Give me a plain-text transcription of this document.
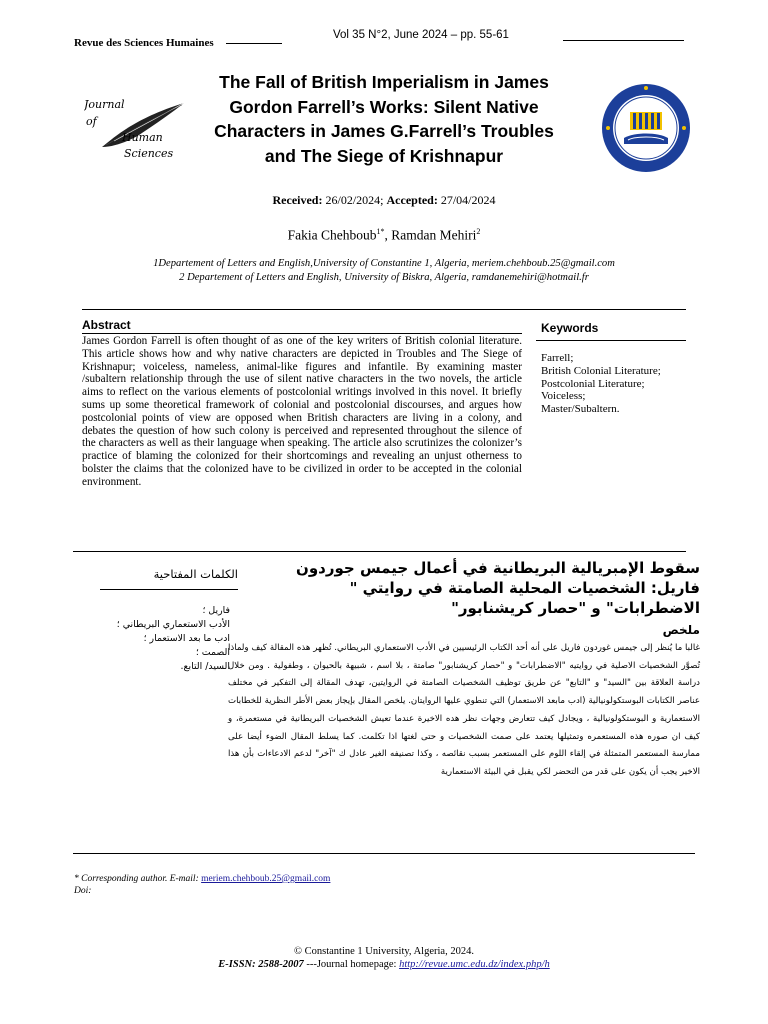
Revue des Sciences Humaines
Vol 35 N°2, June 2024 – pp. 55-61
Journal
of
Human
Sciences
The Fall of British Imperialism in James Gordon Farrell’s Works: Silent Native Characters in James G.Farrell’s Troubles and The Siege of Krishnapur
Received: 26/02/2024; Accepted: 27/04/2024
Fakia Chehboub$^{1*}$, Ramdan Mehiri$^2$
1Departement of Letters and English,University of Constantine 1, Algeria, meriem.chehboub.25@gmail.com
2 Departement of Letters and English, University of Biskra, Algeria, ramdanemehiri@hotmail.fr
Abstract
James Gordon Farrell is often thought of as one of the key writers of British colonial literature. This article shows how and why native characters are depicted in Troubles and The Siege of Krishnapur; voiceless, nameless, animal-like figures and infantile. By examining master /subaltern relationship through the use of silent native characters in the two novels, the article aims to reflect on the various elements of postcolonial writings involved in this novel. It briefly sums up some theoretical framework of colonial and postcolonial discourses, and argues how postcolonial points of view are opposed when British characters are living in a colony, and debates the question of how such colony is perceived and represented throughout the silence of the characters as well as their language when speaking. The article also scrutinizes the colonizer’s practice of blaming the colonized for their shortcomings and revealing an unjust otherness to bolster the claims that the colonized have to be civilized in order to be accepted in the colonial environment.
Keywords
Farrell;
British Colonial Literature;
Postcolonial Literature;
Voiceless;
Master/Subaltern.
الكلمات المفتاحية
فاريل ؛
الأدب الاستعماري البريطاني ؛
ادب ما بعد الاستعمار ؛
الصمت ؛
السيد/ التابع.
سقوط الإمبريالية البريطانية في أعمال جيمس جوردون فاريل: الشخصيات المحلية الصامتة في روايتي " الاضطرابات" و "حصار كريشنابور"
ملخص
غالبا ما يُنظر إلى جيمس غوردون فاريل على أنه أحد الكتاب الرئيسيين في الأدب الاستعماري البريطاني. تُظهر هذه المقالة كيف ولماذا تُصوَّر الشخصيات الاصلية في روايتيه "الاضطرابات" و "حصار كريشنابور" صامتة ، بلا اسم ، شبيهة بالحيوان ، وطفولية . ومن خلال دراسة العلاقة بين "السيد" و "التابع" عن طريق توظيف الشخصيات الصامتة في الروايتين، تهدف المقالة إلى التفكير في مختلف عناصر الكتابات البوستكولونيالية (ادب مابعد الاستعمار) التي تنطوي عليها الروايتان. يلخص المقال بإيجاز بعض الأطر النظرية للخطابات الاستعمارية و البوستكولونيالية ، ويجادل كيف تتعارض وجهات نظر هده الاخيرة عندما تعيش الشخصيات البريطانية في مستعمرة، و كيف ان صوره هذه المستعمره وتمثيلها يعتمد على صمت الشخصيات و حتى لغتها اذا تكلمت. كما يسلط المقال الضوء أيضا على ممارسة المستعمر المتمثلة في إلقاء اللوم على المستعمر بسبب نقائصه ، وكذا تصنيفه الغير عادل ك "آخر" لدعم الادعاءات بأن هذا الاخير يجب أن يكون على قدر من التحضر لكي يقبل في البيئة الاستعمارية
* Corresponding author. E-mail: meriem.chehboub.25@gmail.com
Doi:
© Constantine 1 University, Algeria, 2024.
E-ISSN: 2588-2007 ---Journal homepage: http://revue.umc.edu.dz/index.php/h
